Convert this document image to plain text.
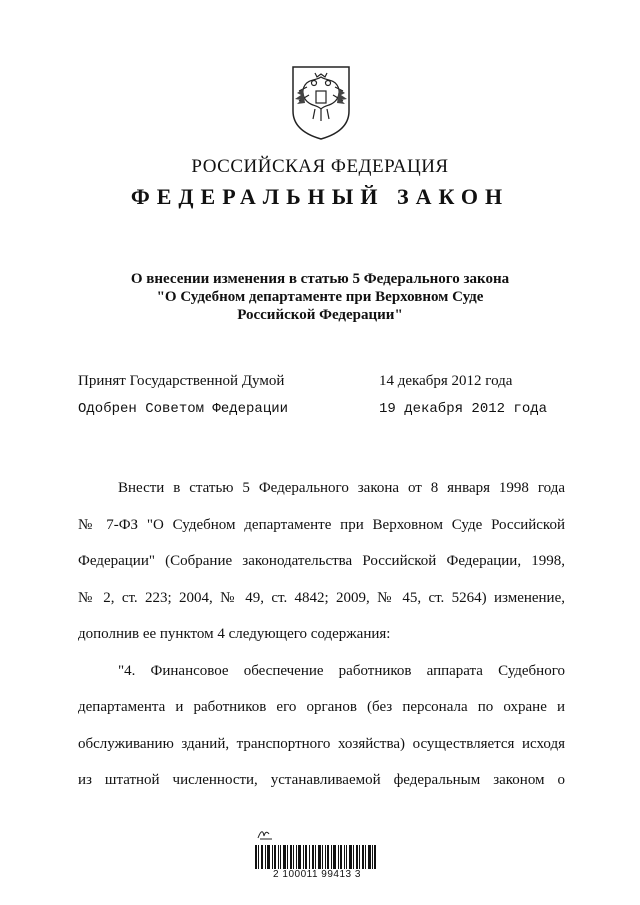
РОССИЙСКАЯ ФЕДЕРАЦИЯ
ФЕДЕРАЛЬНЫЙ ЗАКОН
О внесении изменения в статью 5 Федерального закона
"О Судебном департаменте при Верховном Суде
Российской Федерации"
Принят Государственной Думой	14 декабря 2012 года
Одобрен Советом Федерации	19 декабря 2012 года
Внести в статью 5 Федерального закона от 8 января 1998 года
№ 7-ФЗ "О Судебном департаменте при Верховном Суде Российской
Федерации" (Собрание законодательства Российской Федерации, 1998,
№ 2, ст. 223; 2004, № 49, ст. 4842; 2009, № 45, ст. 5264) изменение,
дополнив ее пунктом 4 следующего содержания:
"4. Финансовое обеспечение работников аппарата Судебного
департамента и работников его органов (без персонала по охране и
обслуживанию зданий, транспортного хозяйства) осуществляется исходя
из штатной численности, устанавливаемой федеральным законом о
2 100011 99413 3
